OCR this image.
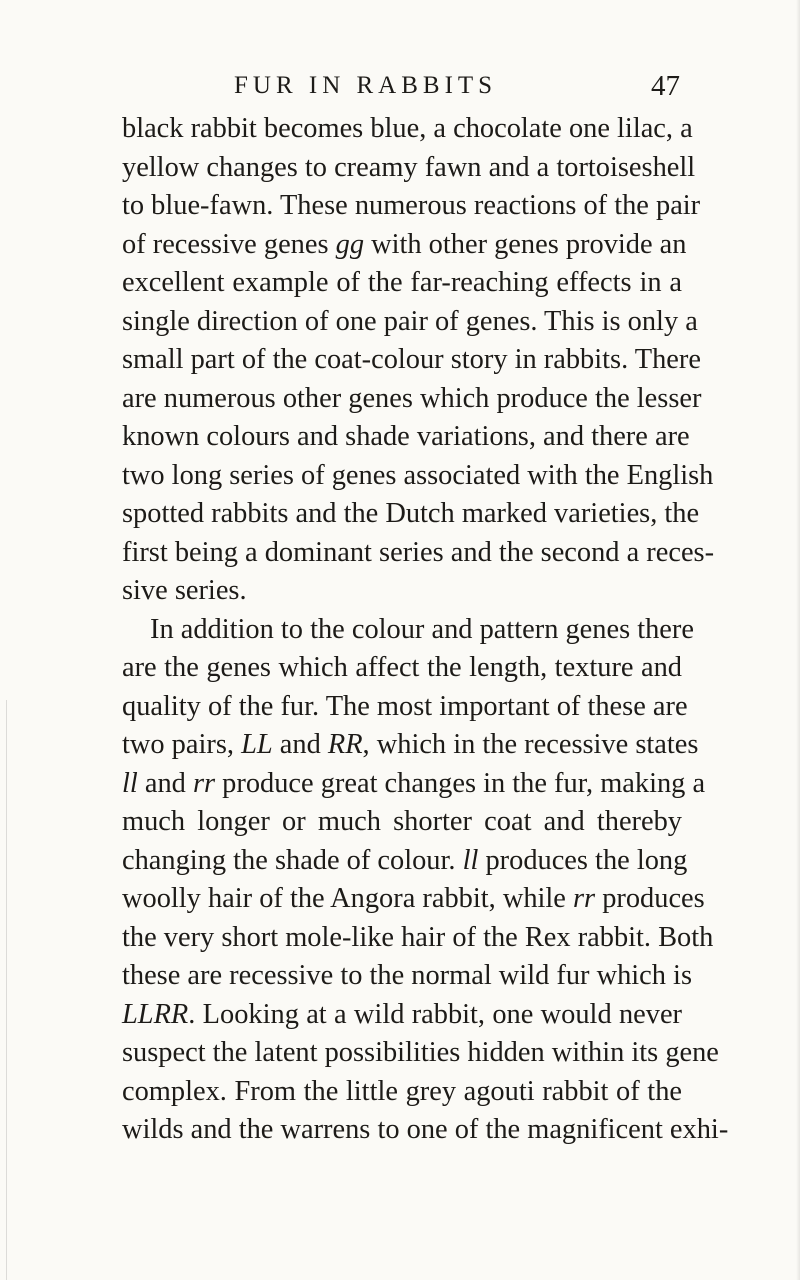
FUR IN RABBITS	47
black rabbit becomes blue, a chocolate one lilac, a
yellow changes to creamy fawn and a tortoiseshell
to blue-fawn. These numerous reactions of the pair
of recessive genes gg with other genes provide an
excellent example of the far-reaching effects in a
single direction of one pair of genes. This is only a
small part of the coat-colour story in rabbits. There
are numerous other genes which produce the lesser
known colours and shade variations, and there are
two long series of genes associated with the English
spotted rabbits and the Dutch marked varieties, the
first being a dominant series and the second a reces-
sive series.
In addition to the colour and pattern genes there
are the genes which affect the length, texture and
quality of the fur. The most important of these are
two pairs, LL and RR, which in the recessive states
ll and rr produce great changes in the fur, making a
much longer or much shorter coat and thereby
changing the shade of colour. ll produces the long
woolly hair of the Angora rabbit, while rr produces
the very short mole-like hair of the Rex rabbit. Both
these are recessive to the normal wild fur which is
LLRR. Looking at a wild rabbit, one would never
suspect the latent possibilities hidden within its gene
complex. From the little grey agouti rabbit of the
wilds and the warrens to one of the magnificent exhi-
